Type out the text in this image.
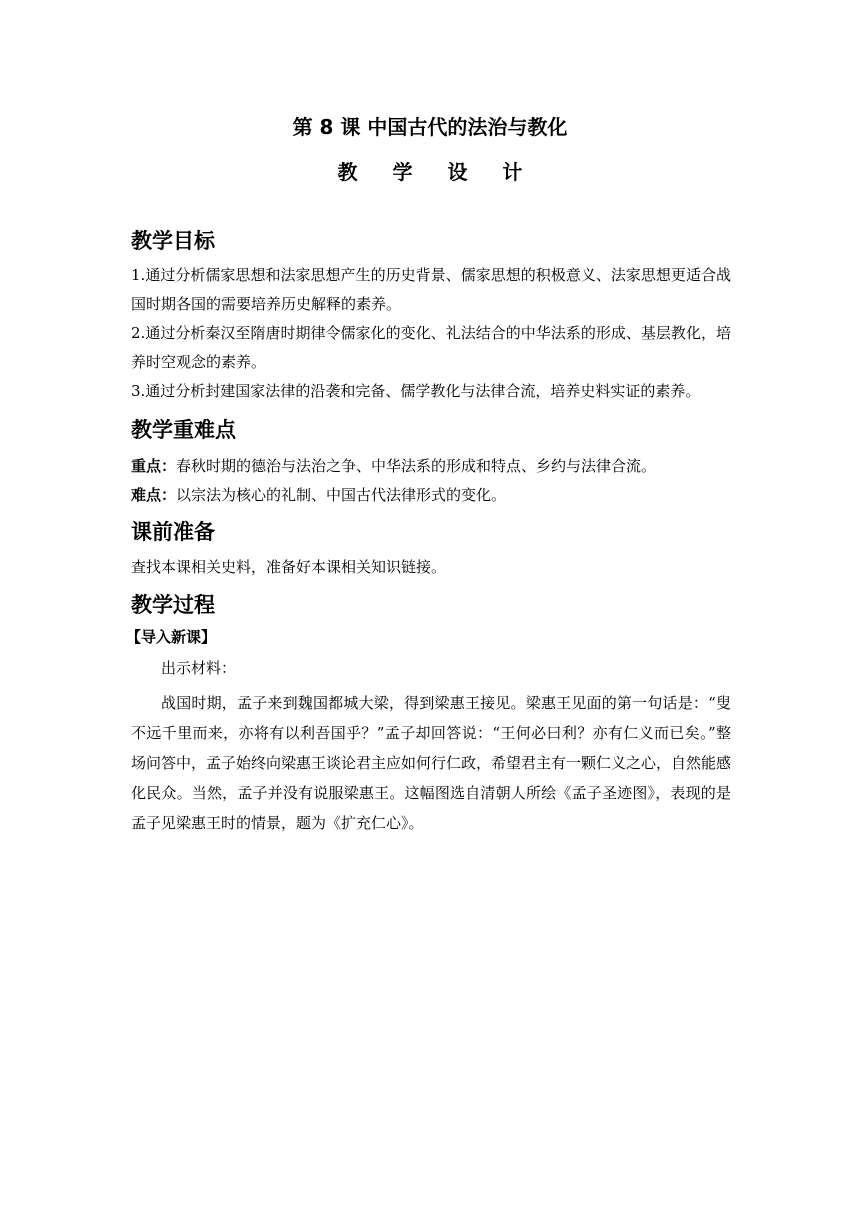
第 8 课 中国古代的法治与教化
教 学 设 计
教学目标

1.通过分析儒家思想和法家思想产生的历史背景、儒家思想的积极意义、法家思想更适合战国时期各国的需要培养历史解释的素养。

2.通过分析秦汉至隋唐时期律令儒家化的变化、礼法结合的中华法系的形成、基层教化，培养时空观念的素养。

3.通过分析封建国家法律的沿袭和完备、儒学教化与法律合流，培养史料实证的素养。

教学重难点

重点：春秋时期的德治与法治之争、中华法系的形成和特点、乡约与法律合流。

难点：以宗法为核心的礼制、中国古代法律形式的变化。

课前准备

查找本课相关史料，准备好本课相关知识链接。

教学过程
【导入新课】

出示材料：

战国时期，孟子来到魏国都城大梁，得到梁惠王接见。梁惠王见面的第一句话是：“叟不远千里而来，亦将有以利吾国乎？”孟子却回答说：“王何必曰利？亦有仁义而已矣。”整场问答中，孟子始终向梁惠王谈论君主应如何行仁政，希望君主有一颗仁义之心，自然能感化民众。当然，孟子并没有说服梁惠王。这幅图选自清朝人所绘《孟子圣迹图》，表现的是孟子见梁惠王时的情景，题为《扩充仁心》。
